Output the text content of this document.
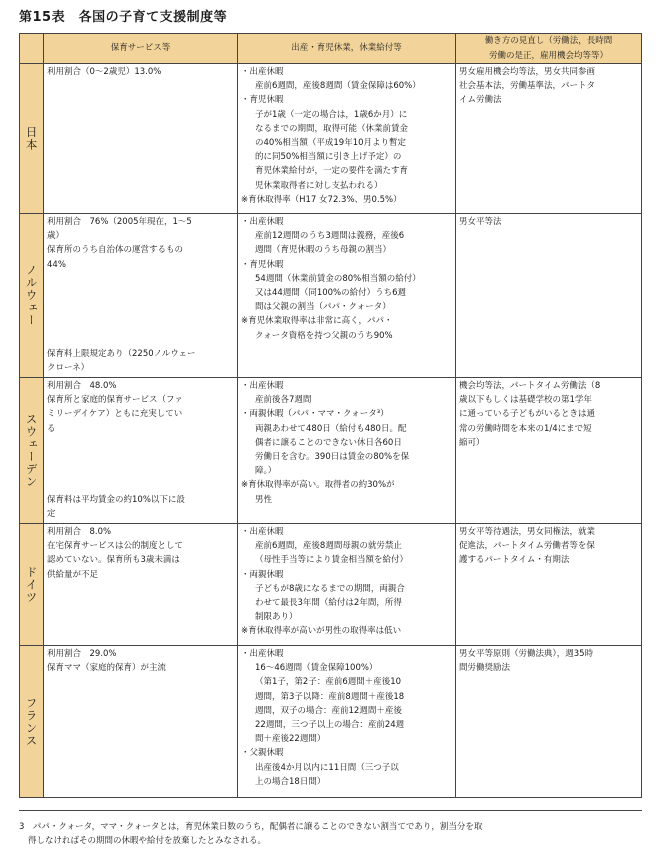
第15表　各国の子育て支援制度等
保育サービス等	出産・育児休業，休業給付等
働き方の見直し（労働法，長時間
労働の是正，雇用機会均等等）
日本
利用割合（0～2歳児）13.0%	・出産休暇
産前6週間，産後8週間（賃金保障は60%）
・育児休暇
子が1歳（一定の場合は，1歳6か月）に
なるまでの期間，取得可能（休業前賃金
の40%相当額（平成19年10月より暫定
的に同50%相当額に引き上げ予定）の
育児休業給付が，一定の要件を満たす育
児休業取得者に対し支払われる）
※育休取得率（H17 女72.3%、男0.5%）
男女雇用機会均等法，男女共同参画
社会基本法，労働基準法，パートタ
イム労働法
ノルウェー
利用割合　76%（2005年現在，1～5
歳）
保育所のうち自治体の運営するもの
44%
保育料上限規定あり（2250ノルウェー
クローネ）
・出産休暇
産前12週間のうち3週間は義務，産後6
週間（育児休暇のうち母親の割当）
・育児休暇
54週間（休業前賃金の80%相当額の給付）
又は44週間（同100%の給付）うち6週
間は父親の割当（パパ・クォータ）
※育児休業取得率は非常に高く，パパ・
クォータ資格を持つ父親のうち90%
男女平等法
スウェーデン
利用割合　48.0%
保育所と家庭的保育サービス（ファ
ミリーデイケア）ともに充実してい
る
保育料は平均賃金の約10%以下に設
定
・出産休暇
産前後各7週間
・両親休暇（パパ・ママ・クォータ³）
両親あわせて480日（給付も480日。配
偶者に譲ることのできない休日各60日
労働日を含む。390日は賃金の80%を保
障。）
※育休取得率が高い。取得者の約30%が
男性
機会均等法，パートタイム労働法（8
歳以下もしくは基礎学校の第1学年
に通っている子どもがいるときは通
常の労働時間を本来の1/4にまで短
縮可）
ドイツ
利用割合　8.0%
在宅保育サービスは公的制度として
認めていない。保育所も3歳未満は
供給量が不足
・出産休暇
産前6週間，産後8週間母親の就労禁止
（母性手当等により賃金相当額を給付）
・両親休暇
子どもが8歳になるまでの期間，両親合
わせて最長3年間（給付は2年間，所得
制限あり）
※育休取得率が高いが男性の取得率は低い
男女平等待遇法，男女同権法，就業
促進法，パートタイム労働者等を保
護するパートタイム・有期法
フランス
利用割合　29.0%
保育ママ（家庭的保育）が主流
・出産休暇
16～46週間（賃金保障100%）
（第1子，第2子：産前6週間＋産後10
週間，第3子以降：産前8週間＋産後18
週間，双子の場合：産前12週間＋産後
22週間，三つ子以上の場合：産前24週
間＋産後22週間）
・父親休暇
出産後4か月以内に11日間（三つ子以
上の場合18日間）
男女平等原則（労働法典），週35時
間労働奨励法
3　パパ・クォータ，ママ・クォータとは，育児休業日数のうち，配偶者に譲ることのできない割当てであり，割当分を取
得しなければその期間の休暇や給付を放棄したとみなされる。
